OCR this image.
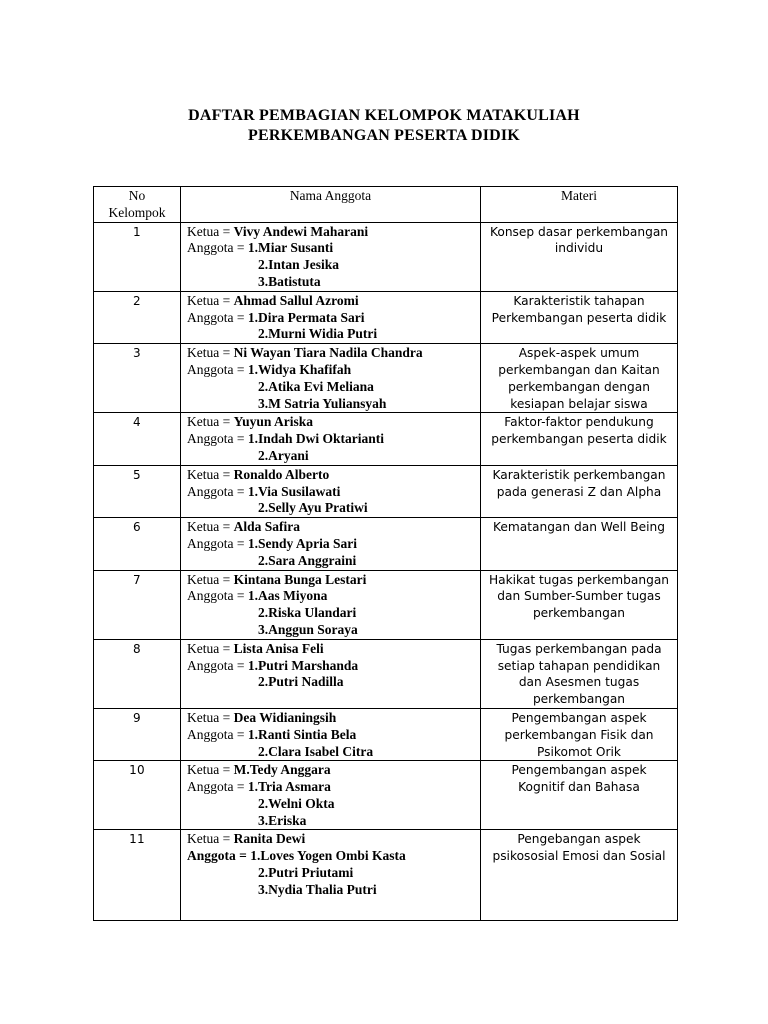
DAFTAR PEMBAGIAN KELOMPOK MATAKULIAH
PERKEMBANGAN PESERTA DIDIK
No Kelompok	Nama Anggota	Materi
1	Ketua = Vivy Andewi Maharani
Anggota = 1.Miar Susanti
2.Intan Jesika
3.Batistuta	Konsep dasar perkembangan individu
2	Ketua = Ahmad Sallul Azromi
Anggota = 1.Dira Permata Sari
2.Murni Widia Putri	Karakteristik tahapan Perkembangan peserta didik
3	Ketua = Ni Wayan Tiara Nadila Chandra
Anggota = 1.Widya Khafifah
2.Atika Evi Meliana
3.M Satria Yuliansyah	Aspek-aspek umum perkembangan dan Kaitan perkembangan dengan kesiapan belajar siswa
4	Ketua = Yuyun Ariska
Anggota = 1.Indah Dwi Oktarianti
2.Aryani	Faktor-faktor pendukung perkembangan peserta didik
5	Ketua = Ronaldo Alberto
Anggota = 1.Via Susilawati
2.Selly Ayu Pratiwi	Karakteristik perkembangan pada generasi Z dan Alpha
6	Ketua = Alda Safira
Anggota = 1.Sendy Apria Sari
2.Sara Anggraini	Kematangan dan Well Being
7	Ketua = Kintana Bunga Lestari
Anggota = 1.Aas Miyona
2.Riska Ulandari
3.Anggun Soraya	Hakikat tugas perkembangan dan Sumber-Sumber tugas perkembangan
8	Ketua = Lista Anisa Feli
Anggota = 1.Putri Marshanda
2.Putri Nadilla	Tugas perkembangan pada setiap tahapan pendidikan dan Asesmen tugas perkembangan
9	Ketua = Dea Widianingsih
Anggota = 1.Ranti Sintia Bela
2.Clara Isabel Citra	Pengembangan aspek perkembangan Fisik dan Psikomot Orik
10	Ketua = M.Tedy Anggara
Anggota = 1.Tria Asmara
2.Welni Okta
3.Eriska	Pengembangan aspek Kognitif dan Bahasa
11	Ketua = Ranita Dewi
Anggota = 1.Loves Yogen Ombi Kasta
2.Putri Priutami
3.Nydia Thalia Putri	Pengebangan aspek psikososial Emosi dan Sosial
